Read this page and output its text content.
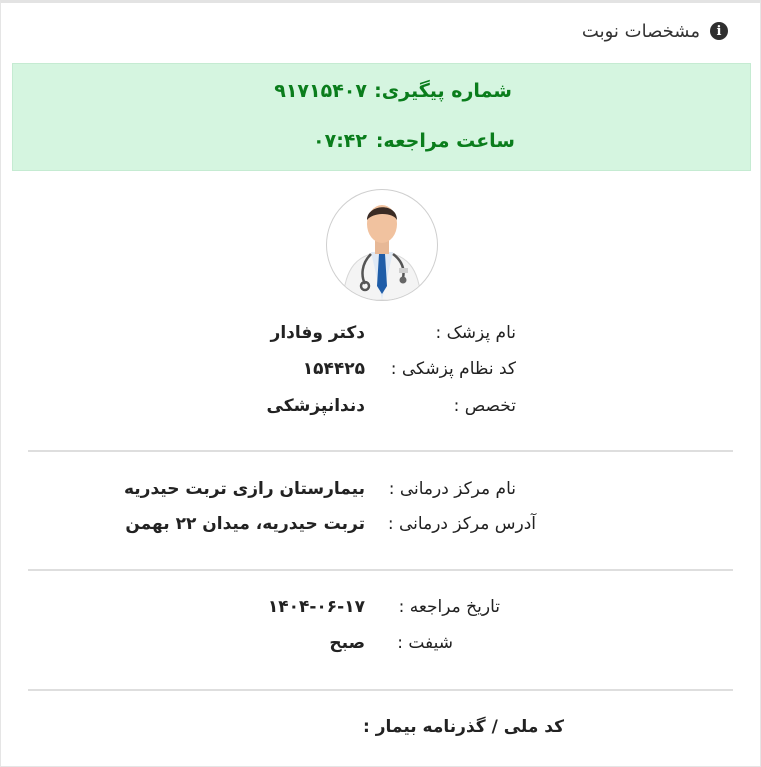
i
مشخصات نوبت
شماره پیگیری:
۹۱۷۱۵۴۰۷
ساعت مراجعه:
۰۷:۴۲
نام پزشک :
دکتر وفادار
کد نظام پزشکی :
۱۵۴۴۲۵
تخصص :
دندانپزشکی
نام مرکز درمانی :
بیمارستان رازی تربت حیدریه
آدرس مرکز درمانی :
تربت حیدریه، میدان ۲۲ بهمن
تاریخ مراجعه :
۱۴۰۴-۰۶-۱۷
شیفت :
صبح
کد ملی / گذرنامه بیمار :
